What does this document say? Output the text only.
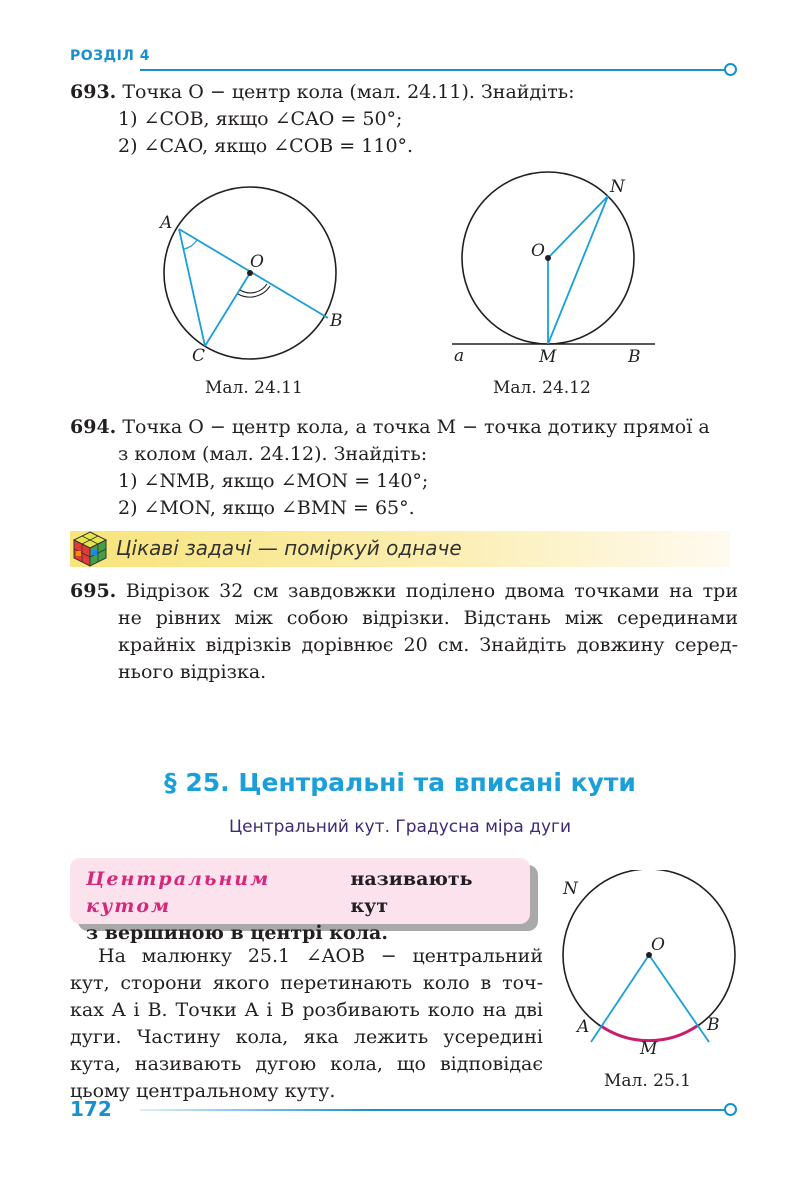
РОЗДІЛ 4
693. Точка O − центр кола (мал. 24.11). Знайдіть:
1) ∠COB, якщо ∠CAO = 50°;
2) ∠CAO, якщо ∠COB = 110°.
A
O
B
C
Мал. 24.11
N
O
a	M	B
Мал. 24.12
694. Точка O − центр кола, а точка M − точка дотику прямої a
з колом (мал. 24.12). Знайдіть:
1) ∠NMB, якщо ∠MON = 140°;
2) ∠MON, якщо ∠BMN = 65°.
Цікаві задачі — поміркуй одначе
695. Відрізок 32 см завдовжки поділено двома точками на три
не рівних між собою відрізки. Відстань між серединами
крайніх відрізків дорівнює 20 см. Знайдіть довжину серед-
нього відрізка.
§ 25. Центральні та вписані кути
Центральний кут. Градусна міра дуги
Центральним кутом
називають кут
з вершиною в центрі кола.
На малюнку 25.1 ∠AOB − центральний
кут, сторони якого перетинають коло в точ-
ках A і B. Точки A і B розбивають коло на дві
дуги. Частину кола, яка лежить усередині
кута, називають дугою кола, що відповідає
цьому центральному куту.
N
O
A	B
M
Мал. 25.1
172
